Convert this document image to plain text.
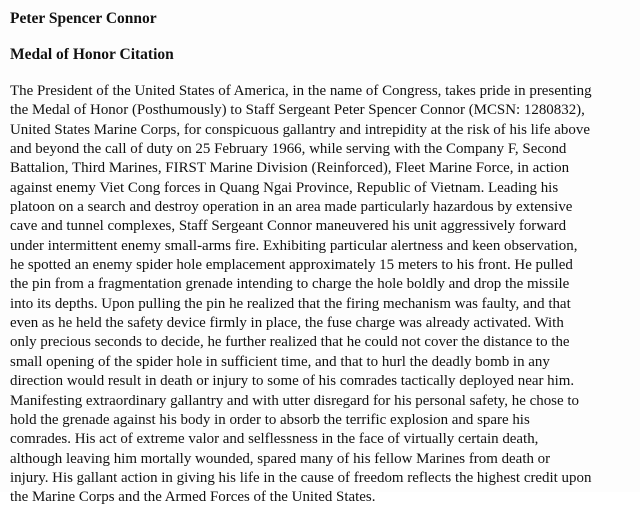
Peter Spencer Connor
Medal of Honor Citation
The President of the United States of America, in the name of Congress, takes pride in presenting
the Medal of Honor (Posthumously) to Staff Sergeant Peter Spencer Connor (MCSN: 1280832),
United States Marine Corps, for conspicuous gallantry and intrepidity at the risk of his life above
and beyond the call of duty on 25 February 1966, while serving with the Company F, Second
Battalion, Third Marines, FIRST Marine Division (Reinforced), Fleet Marine Force, in action
against enemy Viet Cong forces in Quang Ngai Province, Republic of Vietnam. Leading his
platoon on a search and destroy operation in an area made particularly hazardous by extensive
cave and tunnel complexes, Staff Sergeant Connor maneuvered his unit aggressively forward
under intermittent enemy small-arms fire. Exhibiting particular alertness and keen observation,
he spotted an enemy spider hole emplacement approximately 15 meters to his front. He pulled
the pin from a fragmentation grenade intending to charge the hole boldly and drop the missile
into its depths. Upon pulling the pin he realized that the firing mechanism was faulty, and that
even as he held the safety device firmly in place, the fuse charge was already activated. With
only precious seconds to decide, he further realized that he could not cover the distance to the
small opening of the spider hole in sufficient time, and that to hurl the deadly bomb in any
direction would result in death or injury to some of his comrades tactically deployed near him.
Manifesting extraordinary gallantry and with utter disregard for his personal safety, he chose to
hold the grenade against his body in order to absorb the terrific explosion and spare his
comrades. His act of extreme valor and selflessness in the face of virtually certain death,
although leaving him mortally wounded, spared many of his fellow Marines from death or
injury. His gallant action in giving his life in the cause of freedom reflects the highest credit upon
the Marine Corps and the Armed Forces of the United States.
